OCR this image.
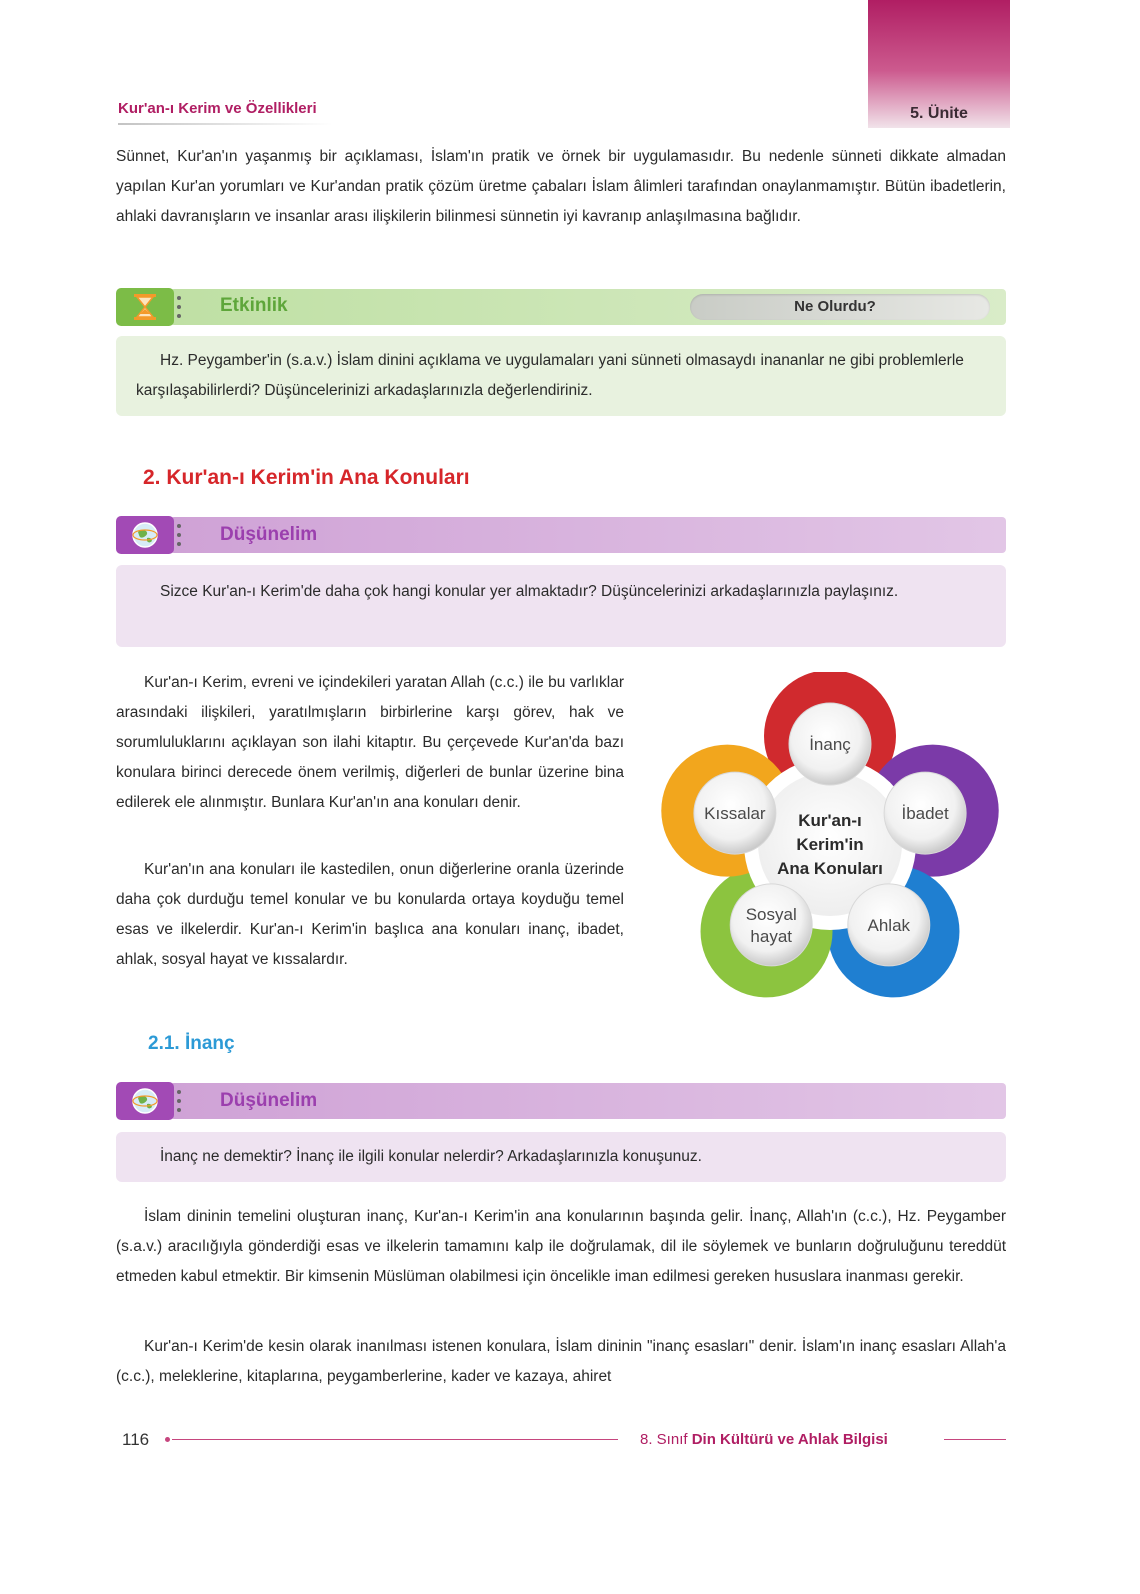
5. Ünite
Kur'an-ı Kerim ve Özellikleri
Sünnet, Kur'an'ın yaşanmış bir açıklaması, İslam'ın pratik ve örnek bir uygulamasıdır. Bu nedenle sünneti dikkate almadan yapılan Kur'an yorumları ve Kur'andan pratik çözüm üretme çabaları İslam âlimleri tarafından onaylanmamıştır. Bütün ibadetlerin, ahlaki davranışların ve insanlar arası ilişkilerin bilinmesi sünnetin iyi kavranıp anlaşılmasına bağlıdır.
Etkinlik	Ne Olurdu?
Hz. Peygamber'in (s.a.v.) İslam dinini açıklama ve uygulamaları yani sünneti olmasaydı inananlar ne gibi problemlerle karşılaşabilirlerdi? Düşüncelerinizi arkadaşlarınızla değerlendiriniz.
2. Kur'an-ı Kerim'in Ana Konuları
Düşünelim
Sizce Kur'an-ı Kerim'de daha çok hangi konular yer almaktadır? Düşüncelerinizi arkadaşlarınızla paylaşınız.
Kur'an-ı Kerim, evreni ve içindekileri yaratan Allah (c.c.) ile bu varlıklar arasındaki ilişkileri, yaratılmışların birbirlerine karşı görev, hak ve sorumluluklarını açıklayan son ilahi kitaptır. Bu çerçevede Kur'an'da bazı konulara birinci derecede önem verilmiş, diğerleri de bunlar üzerine bina edilerek ele alınmıştır. Bunlara Kur'an'ın ana konuları denir.
Kur'an'ın ana konuları ile kastedilen, onun diğerlerine oranla üzerinde daha çok durduğu temel konular ve bu konularda ortaya koyduğu temel esas ve ilkelerdir. Kur'an-ı Kerim'in başlıca ana konuları inanç, ibadet, ahlak, sosyal hayat ve kıssalardır.
İnanç
İbadet
Ahlak
Sosyal
hayat
Kıssalar Kur'an-ı
Kerim'in
Ana Konuları
2.1. İnanç
Düşünelim
İnanç ne demektir? İnanç ile ilgili konular nelerdir? Arkadaşlarınızla konuşunuz.
İslam dininin temelini oluşturan inanç, Kur'an-ı Kerim'in ana konularının başında gelir. İnanç, Allah'ın (c.c.), Hz. Peygamber (s.a.v.) aracılığıyla gönderdiği esas ve ilkelerin tamamını kalp ile doğrulamak, dil ile söylemek ve bunların doğruluğunu tereddüt etmeden kabul etmektir. Bir kimsenin Müslüman olabilmesi için öncelikle iman edilmesi gereken hususlara inanması gerekir.
Kur'an-ı Kerim'de kesin olarak inanılması istenen konulara, İslam dininin "inanç esasları" denir. İslam'ın inanç esasları Allah'a (c.c.), meleklerine, kitaplarına, peygamberlerine, kader ve kazaya, ahiret
116	8. Sınıf Din Kültürü ve Ahlak Bilgisi
